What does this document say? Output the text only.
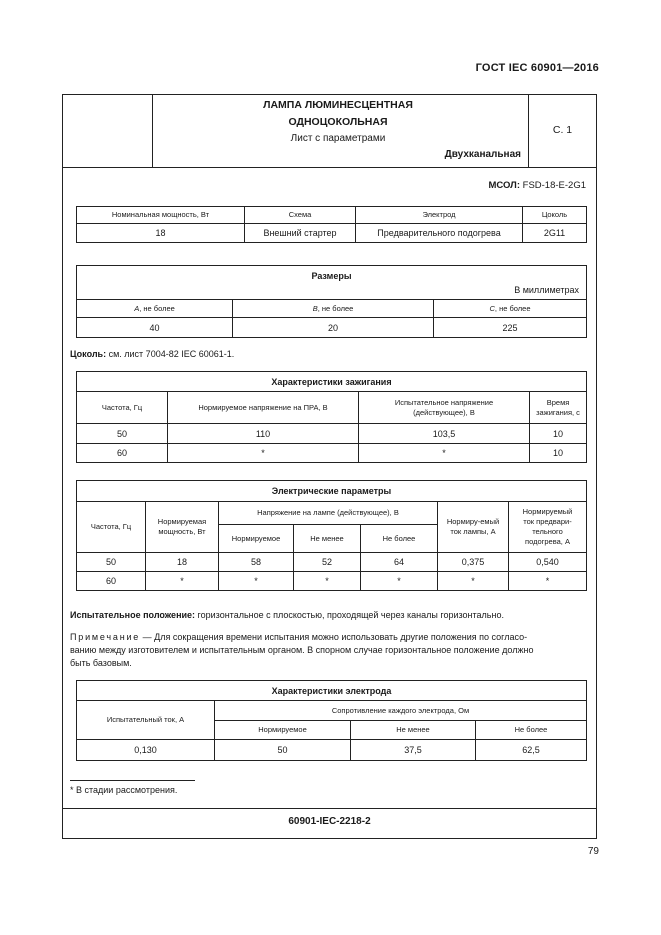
ГОСТ IEC 60901—2016
ЛАМПА ЛЮМИНЕСЦЕНТНАЯ
ОДНОЦОКОЛЬНАЯ
Лист с параметрами
Двухканальная
С. 1
МСОЛ: FSD-18-E-2G1
Номинальная мощность, Вт	Схема	Электрод	Цоколь
18	Внешний стартер	Предварительного подогрева	2G11
Размеры
В миллиметрах		

A, не более	B, не более	C, не более
40	20	225
Цоколь: см. лист 7004-82 IEC 60061-1.
Характеристики зажигания			
Частота, Гц	Нормируемое напряжение на ПРА, В	Испытательное напряжение (действующее), В	Время зажигания, с
50	110	103,5	10
60	*	*	10
Электрические параметры						
Частота, Гц	Нормируемая мощность, Вт	Напряжение на лампе (действующее), В			Нормиру-емый ток лампы, А	Нормируемый ток предвари-тельного подогрева, А
		Нормируемое	Не менее	Не более		
50	18	58	52	64	0,375	0,540
60	*	*	*	*	*	*
Испытательное положение: горизонтальное с плоскостью, проходящей через каналы горизонтально.
Примечание — Для сокращения времени испытания можно использовать другие положения по согласо-
ванию между изготовителем и испытательным органом. В спорном случае горизонтальное положение должно
быть базовым.
Характеристики электрода			
Испытательный ток, А	Сопротивление каждого электрода, Ом		
	Нормируемое	Не менее	Не более
0,130	50	37,5	62,5
* В стадии рассмотрения.
60901-IEC-2218-2
79
